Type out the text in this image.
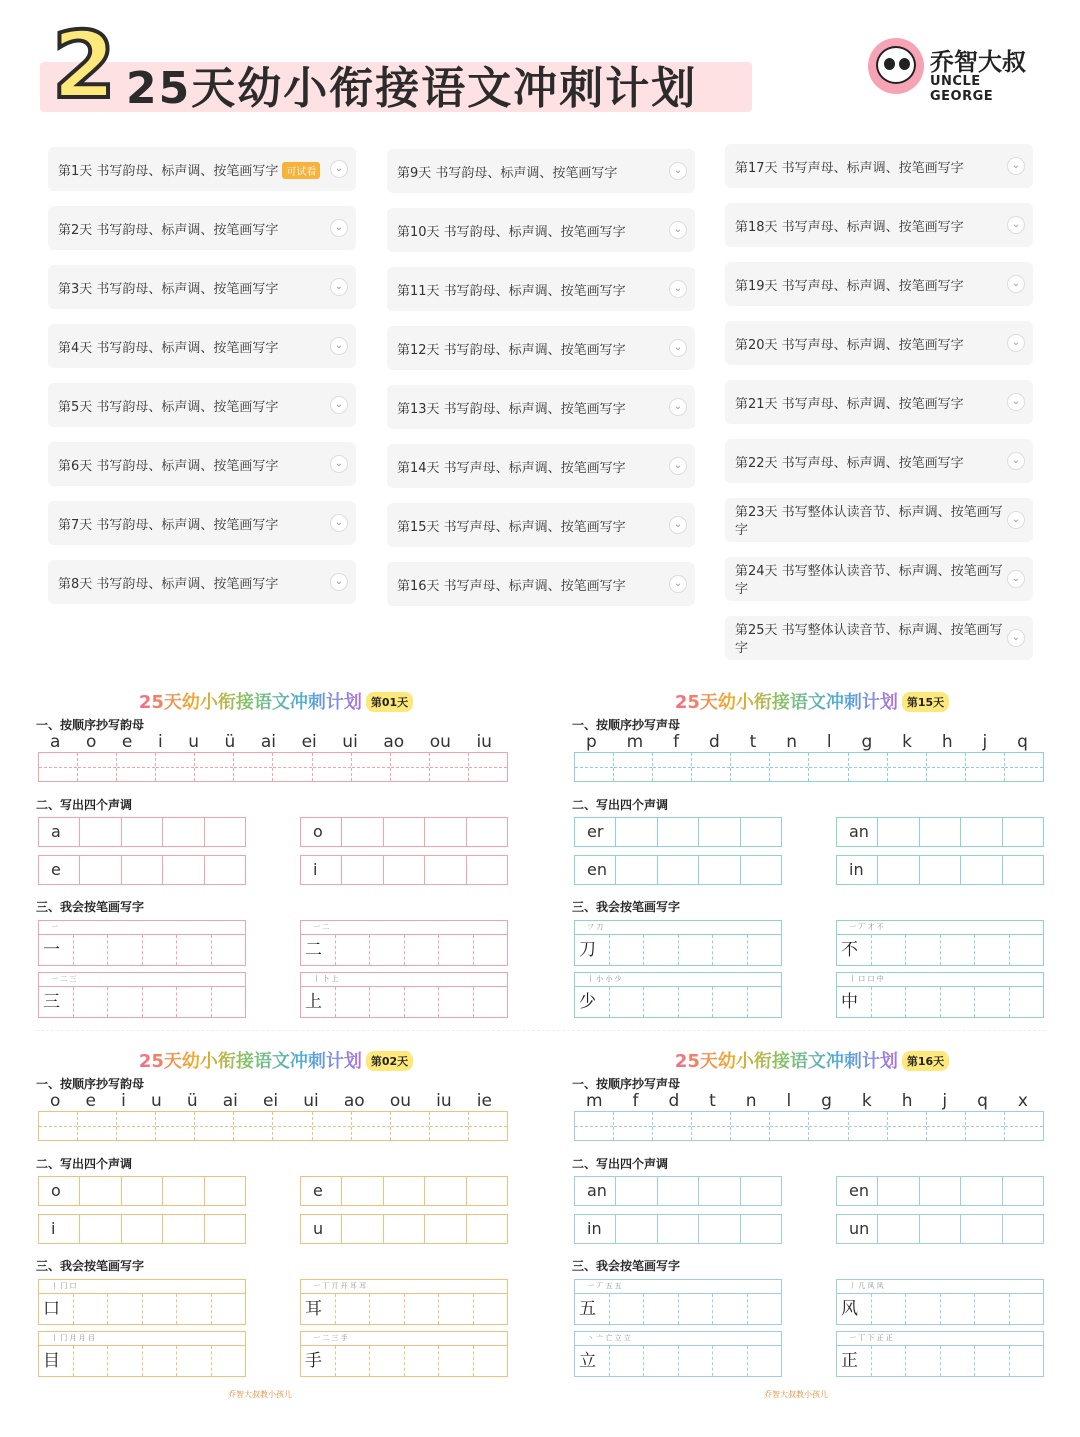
2 25天幼小衔接语文冲刺计划
乔智大叔
UNCLE GEORGE
第1天 书写韵母、标声调、按笔画写字 可试看	⌄
第2天 书写韵母、标声调、按笔画写字	⌄
第3天 书写韵母、标声调、按笔画写字	⌄
第4天 书写韵母、标声调、按笔画写字	⌄
第5天 书写韵母、标声调、按笔画写字	⌄
第6天 书写韵母、标声调、按笔画写字	⌄
第7天 书写韵母、标声调、按笔画写字	⌄
第8天 书写韵母、标声调、按笔画写字	⌄
第9天 书写韵母、标声调、按笔画写字	⌄
第10天 书写韵母、标声调、按笔画写字	⌄
第11天 书写韵母、标声调、按笔画写字	⌄
第12天 书写韵母、标声调、按笔画写字	⌄
第13天 书写韵母、标声调、按笔画写字	⌄
第14天 书写声母、标声调、按笔画写字	⌄
第15天 书写声母、标声调、按笔画写字	⌄
第16天 书写声母、标声调、按笔画写字	⌄
第17天 书写声母、标声调、按笔画写字	⌄
第18天 书写声母、标声调、按笔画写字	⌄
第19天 书写声母、标声调、按笔画写字	⌄
第20天 书写声母、标声调、按笔画写字	⌄
第21天 书写声母、标声调、按笔画写字	⌄
第22天 书写声母、标声调、按笔画写字	⌄
第23天 书写整体认读音节、标声调、按笔画写字
⌄
第24天 书写整体认读音节、标声调、按笔画写字
⌄
第25天 书写整体认读音节、标声调、按笔画写字
⌄
25天幼小衔接语文冲刺计划 第01天
一、按顺序抄写韵母
a o e i u ü ai ei ui ao ou iu
二、写出四个声调
a	o
e	i
三、我会按笔画写字
一
一
一 二
二
一 二 三
三
丨 卜 上
上
25天幼小衔接语文冲刺计划 第15天
一、按顺序抄写声母
p m f d t n l g k h j q
二、写出四个声调
er	an
en	in
三、我会按笔画写字
フ 刀
刀
一 丆 才 不
不
丨 小 小 少
少
丨 口 口 中
中
25天幼小衔接语文冲刺计划 第02天
一、按顺序抄写韵母
o e i u ü ai ei ui ao ou iu ie
二、写出四个声调
o	e
i	u
三、我会按笔画写字
丨 冂 口
口
一 丅 丌 开 耳 耳
耳
丨 冂 月 月 目
目
一 二 三 手
手
25天幼小衔接语文冲刺计划 第16天
一、按顺序抄写声母
m f d t n l g k h j q x
二、写出四个声调
an	en
in	un
三、我会按笔画写字
一 丆 五 五
五
丿 几 风 风
风
丶 亠 亡 立 立
立
一 丅 下 正 正
正
乔智大叔教小孩儿	乔智大叔教小孩儿
